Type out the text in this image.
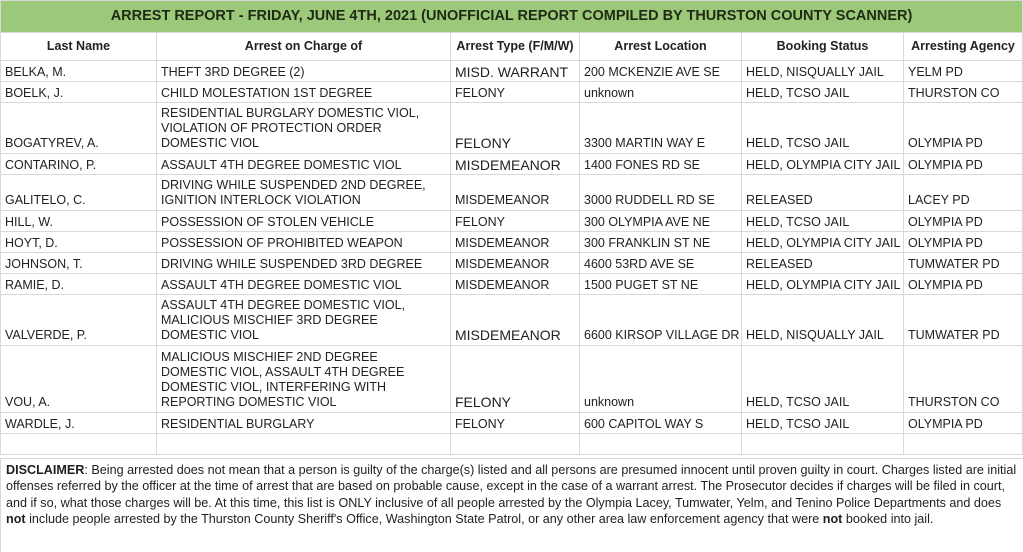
ARREST REPORT - FRIDAY, JUNE 4TH, 2021 (UNOFFICIAL REPORT COMPILED BY THURSTON COUNTY SCANNER)
Last Name	Arrest on Charge of	Arrest Type (F/M/W)	Arrest Location	Booking Status	Arresting Agency
BELKA, M.	THEFT 3RD DEGREE (2)	MISD. WARRANT	200 MCKENZIE AVE SE	HELD, NISQUALLY JAIL	YELM PD
BOELK, J.	CHILD MOLESTATION 1ST DEGREE	FELONY	unknown	HELD, TCSO JAIL	THURSTON CO
BOGATYREV, A.	RESIDENTIAL BURGLARY DOMESTIC VIOL, VIOLATION OF PROTECTION ORDER DOMESTIC VIOL	FELONY	3300 MARTIN WAY E	HELD, TCSO JAIL	OLYMPIA PD
CONTARINO, P.	ASSAULT 4TH DEGREE DOMESTIC VIOL	MISDEMEANOR	1400 FONES RD SE	HELD, OLYMPIA CITY JAIL	OLYMPIA PD
GALITELO, C.	DRIVING WHILE SUSPENDED 2ND DEGREE, IGNITION INTERLOCK VIOLATION	MISDEMEANOR	3000 RUDDELL RD SE	RELEASED	LACEY PD
HILL, W.	POSSESSION OF STOLEN VEHICLE	FELONY	300 OLYMPIA AVE NE	HELD, TCSO JAIL	OLYMPIA PD
HOYT, D.	POSSESSION OF PROHIBITED WEAPON	MISDEMEANOR	300 FRANKLIN ST NE	HELD, OLYMPIA CITY JAIL	OLYMPIA PD
JOHNSON, T.	DRIVING WHILE SUSPENDED 3RD DEGREE	MISDEMEANOR	4600 53RD AVE SE	RELEASED	TUMWATER PD
RAMIE, D.	ASSAULT 4TH DEGREE DOMESTIC VIOL	MISDEMEANOR	1500 PUGET ST NE	HELD, OLYMPIA CITY JAIL	OLYMPIA PD
VALVERDE, P.	ASSAULT 4TH DEGREE DOMESTIC VIOL, MALICIOUS MISCHIEF 3RD DEGREE DOMESTIC VIOL	MISDEMEANOR	6600 KIRSOP VILLAGE DR	HELD, NISQUALLY JAIL	TUMWATER PD
VOU, A.	MALICIOUS MISCHIEF 2ND DEGREE DOMESTIC VIOL, ASSAULT 4TH DEGREE DOMESTIC VIOL, INTERFERING WITH REPORTING DOMESTIC VIOL	FELONY	unknown	HELD, TCSO JAIL	THURSTON CO
WARDLE, J.	RESIDENTIAL BURGLARY	FELONY	600 CAPITOL WAY S	HELD, TCSO JAIL	OLYMPIA PD

DISCLAIMER: Being arrested does not mean that a person is guilty of the charge(s) listed and all persons are presumed innocent until proven guilty in court. Charges listed are initial offenses referred by the officer at the time of arrest that are based on probable cause, except in the case of a warrant arrest. The Prosecutor decides if charges will be filed in court, and if so, what those charges will be. At this time, this list is ONLY inclusive of all people arrested by the Olympia Lacey, Tumwater, Yelm, and Tenino Police Departments and does not include people arrested by the Thurston County Sheriff's Office, Washington State Patrol, or any other area law enforcement agency that were not booked into jail.
